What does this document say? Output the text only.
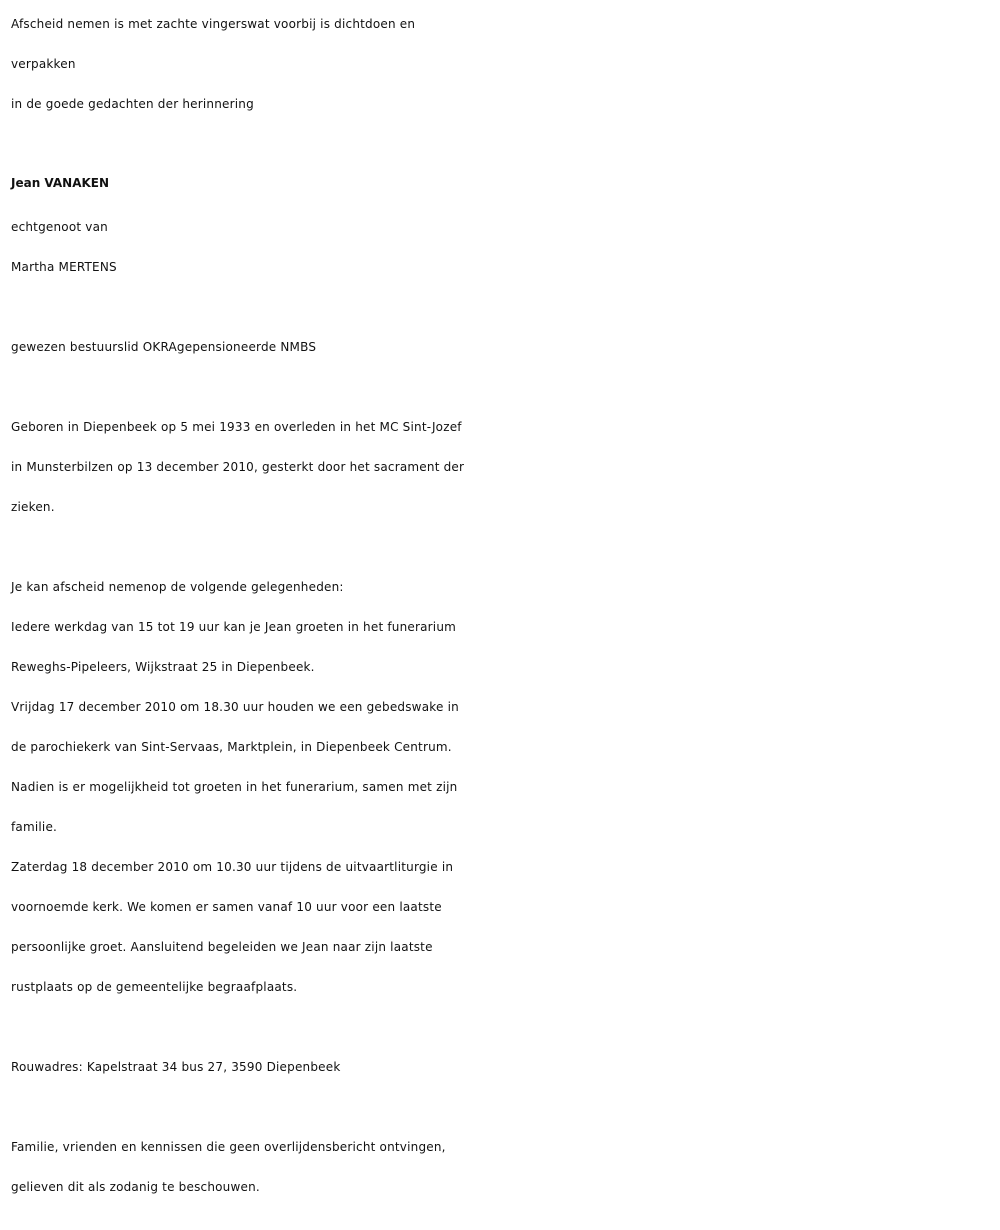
Afscheid nemen is met zachte vingerswat voorbij is dichtdoen en
verpakken
in de goede gedachten der herinnering
Jean VANAKEN
echtgenoot van
Martha MERTENS
gewezen bestuurslid OKRAgepensioneerde NMBS
Geboren in Diepenbeek op 5 mei 1933 en overleden in het MC Sint-Jozef
in Munsterbilzen op 13 december 2010, gesterkt door het sacrament der
zieken.
Je kan afscheid nemenop de volgende gelegenheden:
Iedere werkdag van 15 tot 19 uur kan je Jean groeten in het funerarium
Reweghs-Pipeleers, Wijkstraat 25 in Diepenbeek.
Vrijdag 17 december 2010 om 18.30 uur houden we een gebedswake in
de parochiekerk van Sint-Servaas, Marktplein, in Diepenbeek Centrum.
Nadien is er mogelijkheid tot groeten in het funerarium, samen met zijn
familie.
Zaterdag 18 december 2010 om 10.30 uur tijdens de uitvaartliturgie in
voornoemde kerk. We komen er samen vanaf 10 uur voor een laatste
persoonlijke groet. Aansluitend begeleiden we Jean naar zijn laatste
rustplaats op de gemeentelijke begraafplaats.
Rouwadres: Kapelstraat 34 bus 27, 3590 Diepenbeek
Familie, vrienden en kennissen die geen overlijdensbericht ontvingen,
gelieven dit als zodanig te beschouwen.
